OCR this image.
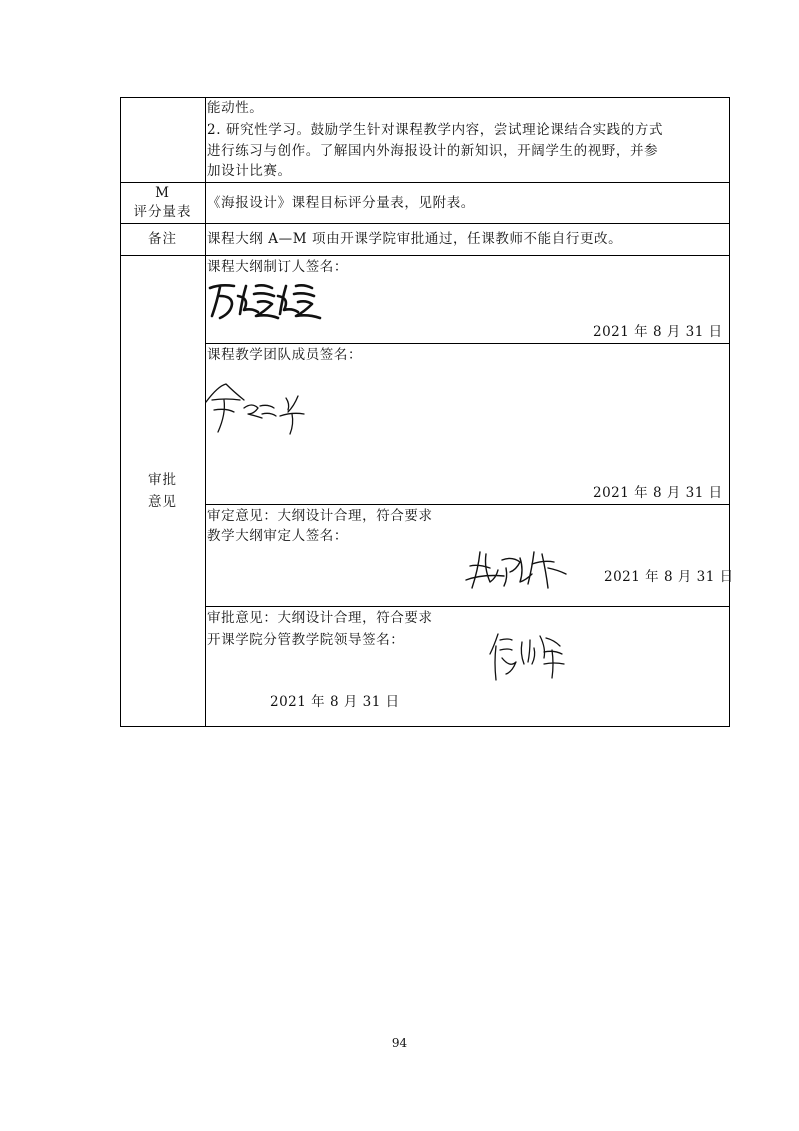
能动性。
2. 研究性学习。鼓励学生针对课程教学内容，尝试理论课结合实践的方式
进行练习与创作。了解国内外海报设计的新知识，开阔学生的视野，并参
加设计比赛。
M
评分量表
《海报设计》课程目标评分量表，见附表。
备注	课程大纲 A—M 项由开课学院审批通过，任课教师不能自行更改。
审批
意见
课程大纲制订人签名：
2021 年 8 月 31 日
课程教学团队成员签名：
2021 年 8 月 31 日
审定意见：大纲设计合理，符合要求
教学大纲审定人签名：
2021 年 8 月 31 日
审批意见：大纲设计合理，符合要求
开课学院分管教学院领导签名：
2021 年 8 月 31 日
94
